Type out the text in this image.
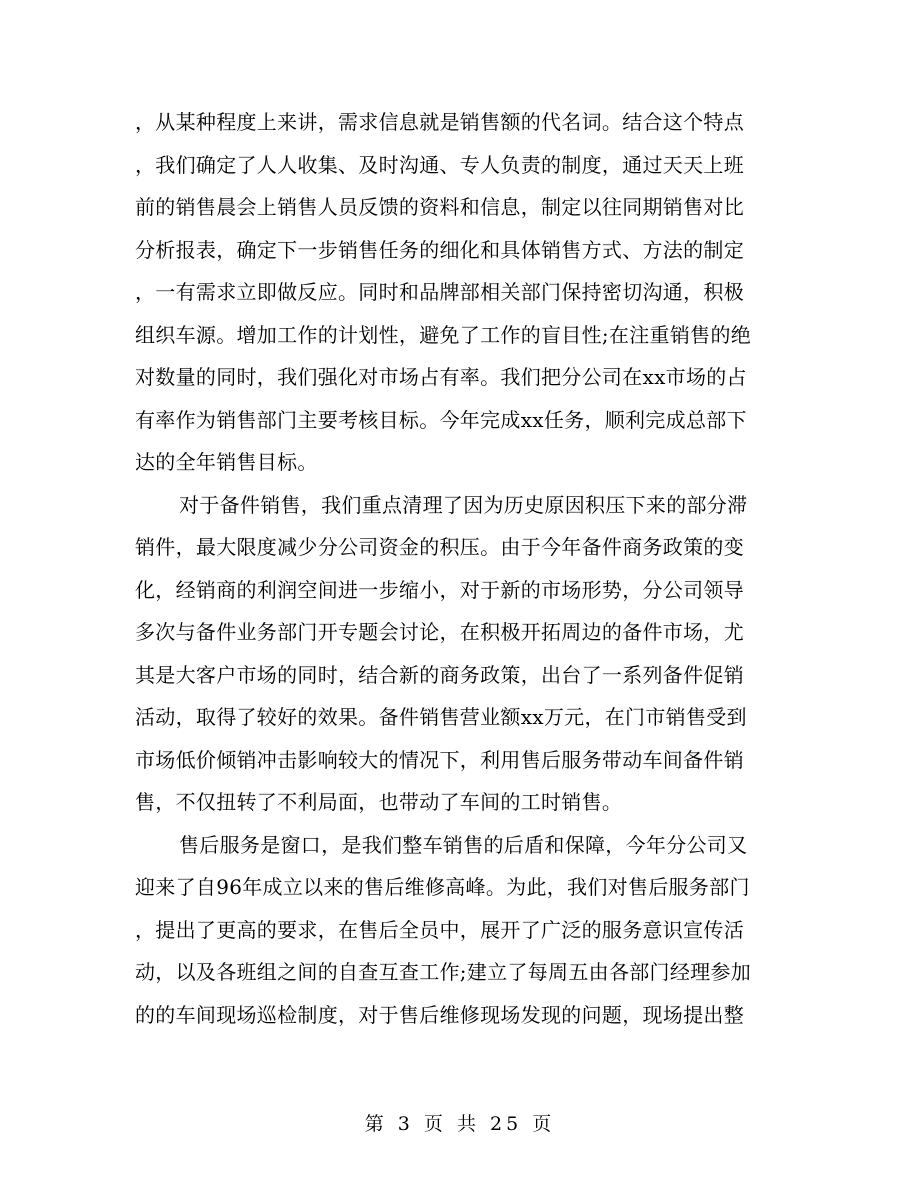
，从某种程度上来讲，需求信息就是销售额的代名词。结合这个特点
，我们确定了人人收集、及时沟通、专人负责的制度，通过天天上班
前的销售晨会上销售人员反馈的资料和信息，制定以往同期销售对比
分析报表，确定下一步销售任务的细化和具体销售方式、方法的制定
，一有需求立即做反应。同时和品牌部相关部门保持密切沟通，积极
组织车源。增加工作的计划性，避免了工作的盲目性;在注重销售的绝
对数量的同时，我们强化对市场占有率。我们把分公司在xx市场的占
有率作为销售部门主要考核目标。今年完成xx任务，顺利完成总部下
达的全年销售目标。
对于备件销售，我们重点清理了因为历史原因积压下来的部分滞
销件，最大限度减少分公司资金的积压。由于今年备件商务政策的变
化，经销商的利润空间进一步缩小，对于新的市场形势，分公司领导
多次与备件业务部门开专题会讨论，在积极开拓周边的备件市场，尤
其是大客户市场的同时，结合新的商务政策，出台了一系列备件促销
活动，取得了较好的效果。备件销售营业额xx万元，在门市销售受到
市场低价倾销冲击影响较大的情况下，利用售后服务带动车间备件销
售，不仅扭转了不利局面，也带动了车间的工时销售。
售后服务是窗口，是我们整车销售的后盾和保障，今年分公司又
迎来了自96年成立以来的售后维修高峰。为此，我们对售后服务部门
，提出了更高的要求，在售后全员中，展开了广泛的服务意识宣传活
动，以及各班组之间的自查互查工作;建立了每周五由各部门经理参加
的的车间现场巡检制度，对于售后维修现场发现的问题，现场提出整
第 3 页 共 25 页
